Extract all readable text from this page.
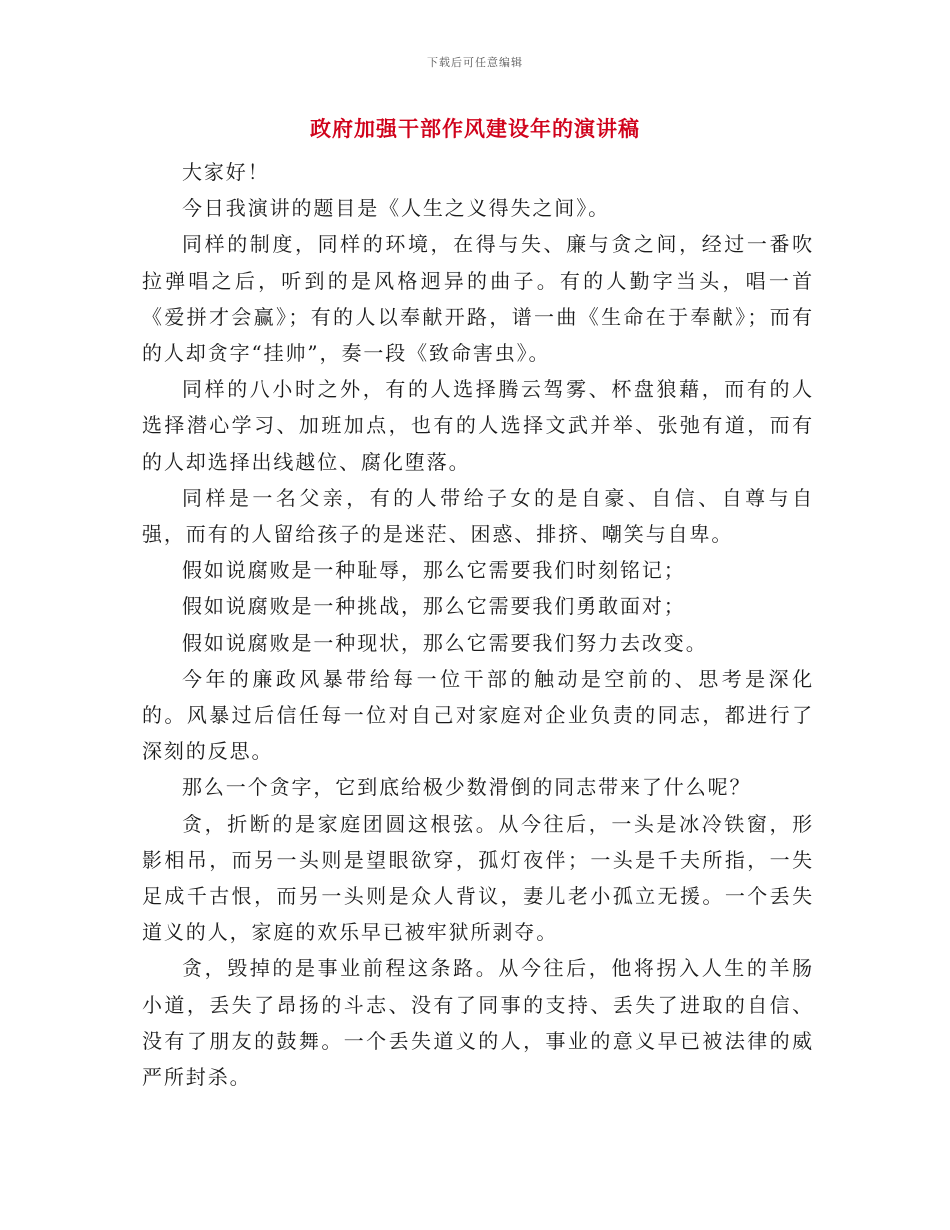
下载后可任意编辑
政府加强干部作风建设年的演讲稿

大家好！

今日我演讲的题目是《人生之义得失之间》。

同样的制度，同样的环境，在得与失、廉与贪之间，经过一番吹拉弹唱之后，听到的是风格迥异的曲子。有的人勤字当头，唱一首《爱拼才会赢》；有的人以奉献开路，谱一曲《生命在于奉献》；而有的人却贪字“挂帅”，奏一段《致命害虫》。

同样的八小时之外，有的人选择腾云驾雾、杯盘狼藉，而有的人选择潜心学习、加班加点，也有的人选择文武并举、张弛有道，而有的人却选择出线越位、腐化堕落。

同样是一名父亲，有的人带给子女的是自豪、自信、自尊与自强，而有的人留给孩子的是迷茫、困惑、排挤、嘲笑与自卑。

假如说腐败是一种耻辱，那么它需要我们时刻铭记；

假如说腐败是一种挑战，那么它需要我们勇敢面对；

假如说腐败是一种现状，那么它需要我们努力去改变。

今年的廉政风暴带给每一位干部的触动是空前的、思考是深化的。风暴过后信任每一位对自己对家庭对企业负责的同志，都进行了深刻的反思。

那么一个贪字，它到底给极少数滑倒的同志带来了什么呢？

贪，折断的是家庭团圆这根弦。从今往后，一头是冰冷铁窗，形影相吊，而另一头则是望眼欲穿，孤灯夜伴；一头是千夫所指，一失足成千古恨，而另一头则是众人背议，妻儿老小孤立无援。一个丢失道义的人，家庭的欢乐早已被牢狱所剥夺。

贪，毁掉的是事业前程这条路。从今往后，他将拐入人生的羊肠小道，丢失了昂扬的斗志、没有了同事的支持、丢失了进取的自信、没有了朋友的鼓舞。一个丢失道义的人，事业的意义早已被法律的威严所封杀。
